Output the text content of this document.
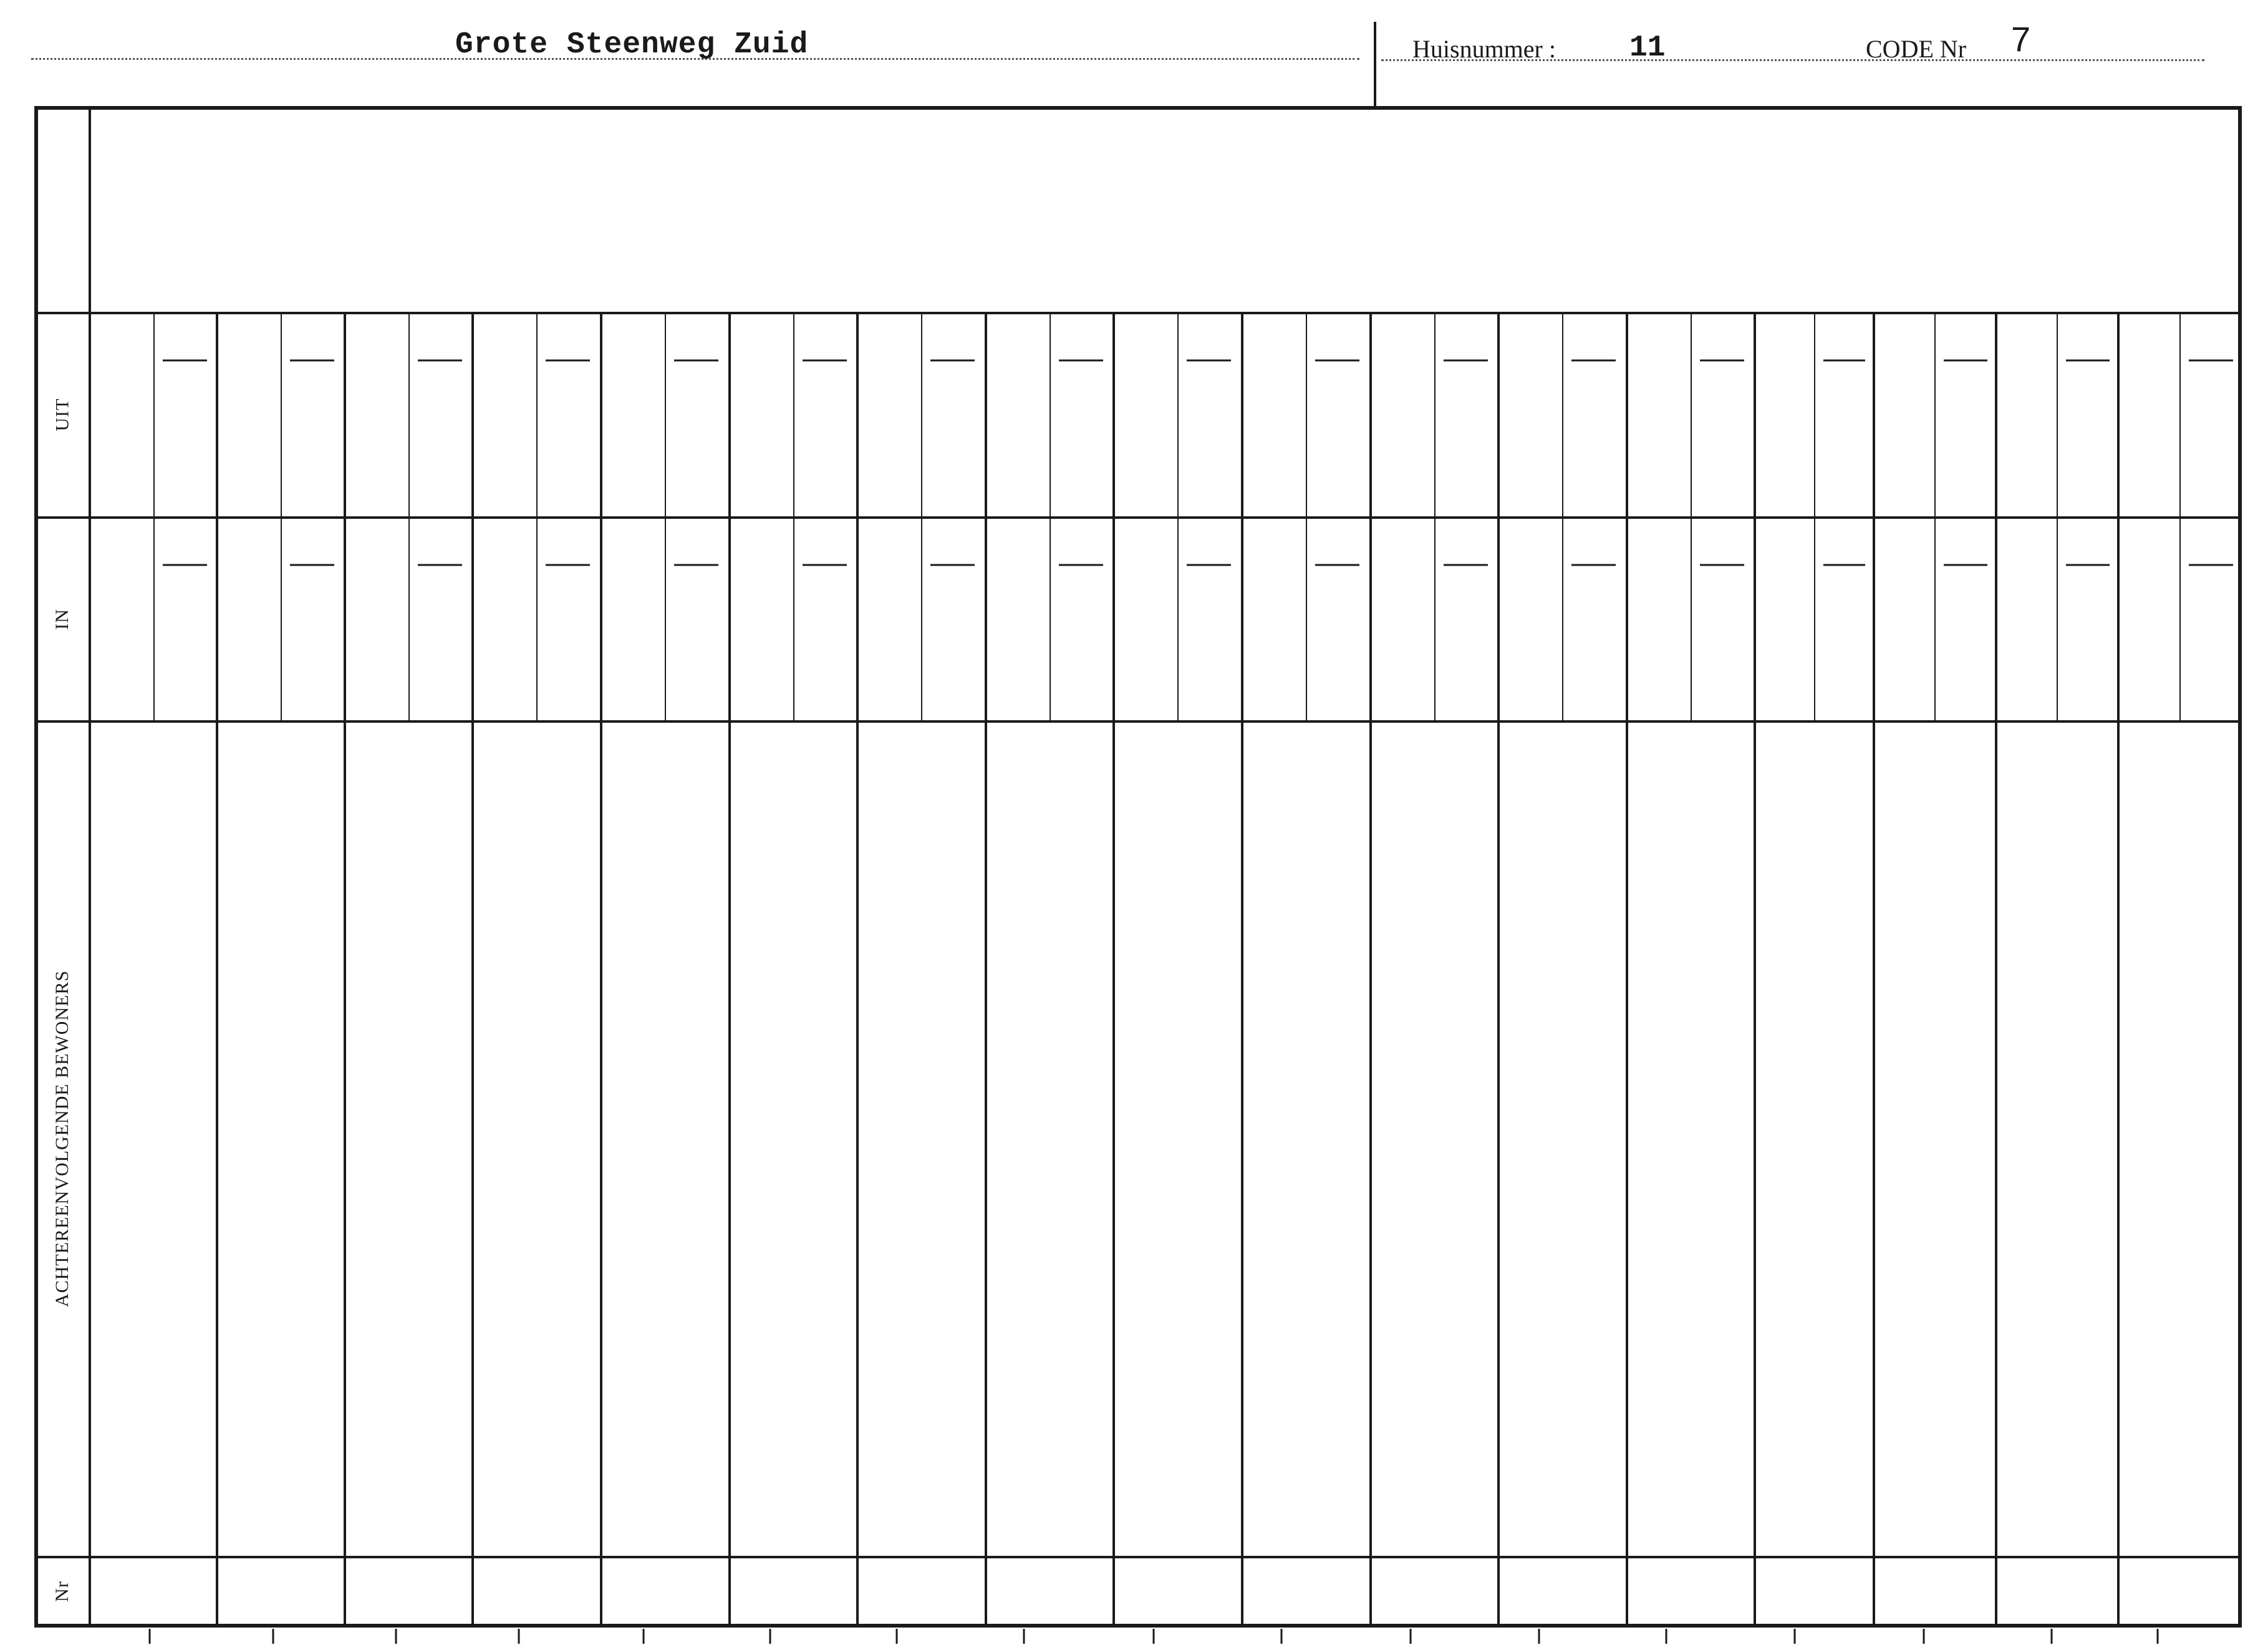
Grote Steenweg Zuid	Huisnummer : 11	CODE Nr 7
UIT
IN
ACHTEREENVOLGENDE BEWONERS
Nr
